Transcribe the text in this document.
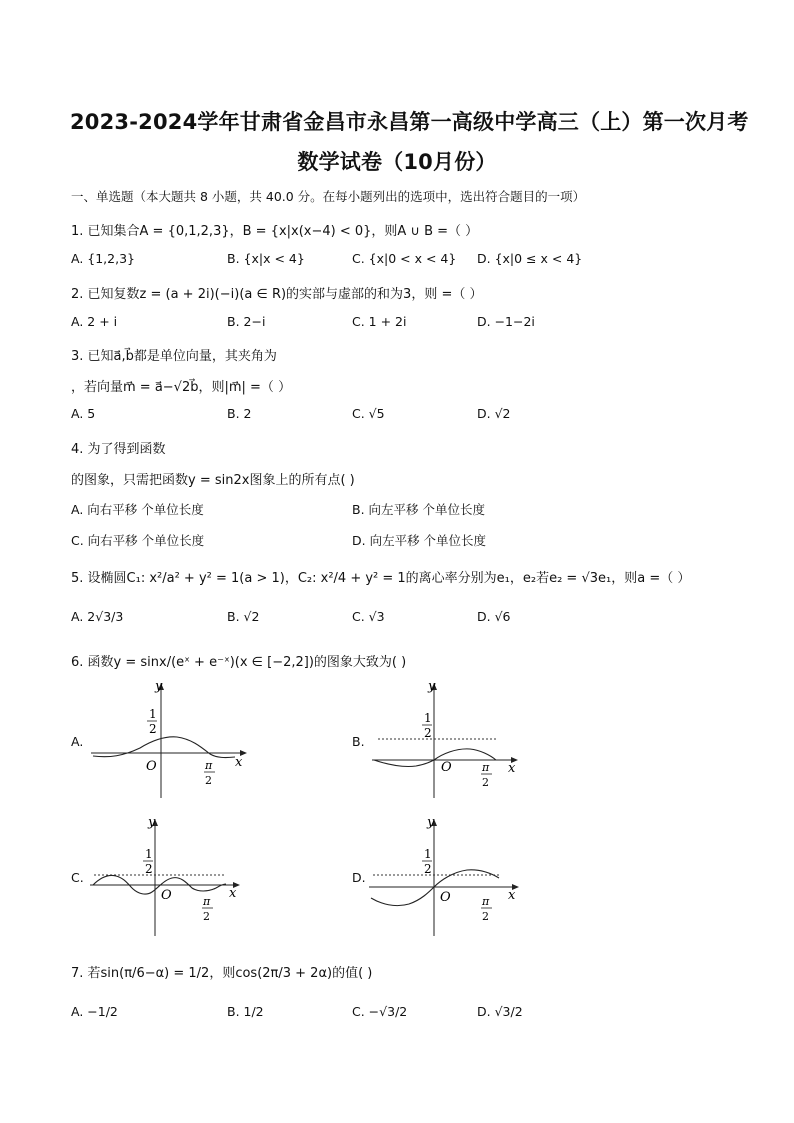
2023-2024学年甘肃省金昌市永昌第一高级中学高三（上）第一次月考
数学试卷（10月份）
一、单选题（本大题共 8 小题，共 40.0 分。在每小题列出的选项中，选出符合题目的一项）
1. 已知集合A = {0,1,2,3}，B = {x|x(x−4) < 0}，则A ∪ B =（ ）
A. {1,2,3}	B. {x|x < 4}	C. {x|0 < x < 4} D. {x|0 ≤ x < 4}
2. 已知复数z = (a + 2i)(−i)(a ∈ R)的实部与虚部的和为3，则 =（ ）
A. 2 + i	B. 2−i	C. 1 + 2i	D. −1−2i
3. 已知a⃗,b⃗都是单位向量，其夹角为
，若向量m⃗ = a⃗−√2b⃗，则|m⃗| =（ ）
A. 5	B. 2	C. √5	D. √2
4. 为了得到函数
的图象，只需把函数y = sin2x图象上的所有点( )
A. 向右平移 个单位长度	B. 向左平移 个单位长度
C. 向右平移 个单位长度	D. 向左平移 个单位长度
5. 设椭圆C₁: x²/a² + y² = 1(a > 1)，C₂: x²/4 + y² = 1的离心率分别为e₁，e₂若e₂ = √3e₁，则a =（ ）
A. 2√3/3	B. √2	C. √3	D. √6
6. 函数y = sinx/(eˣ + e⁻ˣ)(x ∈ [−2,2])的图象大致为( )
A.
y
x
O
1
2
π
2
B.
y
x
O
1
2
π
2
C.
y
x
O
1
2
π
2
D.
y
x
O
1
2
π
2
7. 若sin(π/6−α) = 1/2，则cos(2π/3 + 2α)的值( )
A. −1/2	B. 1/2	C. −√3/2	D. √3/2
